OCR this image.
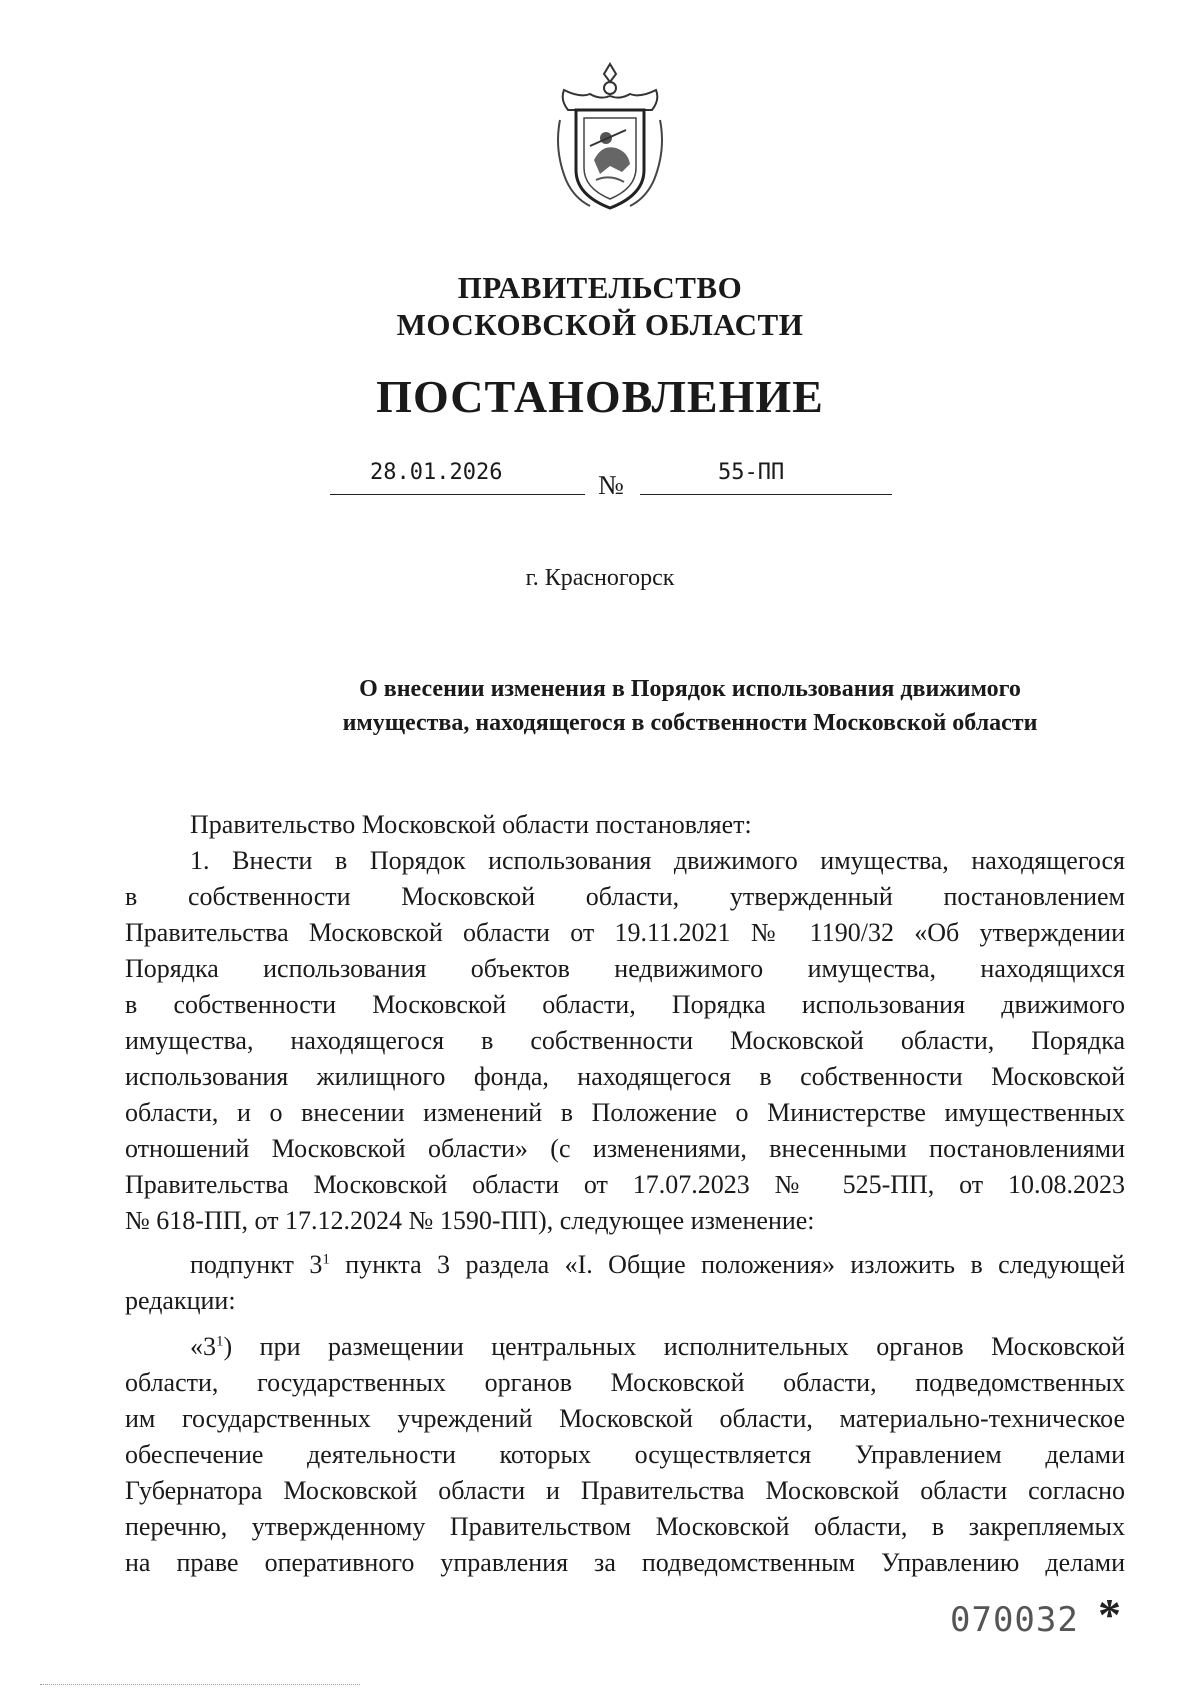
ПРАВИТЕЛЬСТВО
МОСКОВСКОЙ ОБЛАСТИ
ПОСТАНОВЛЕНИЕ
28.01.2026	№	55-ПП
г. Красногорск
О внесении изменения в Порядок использования движимого
имущества, находящегося в собственности Московской области
Правительство Московской области постановляет:
1. Внести в Порядок использования движимого имущества, находящегося
в собственности Московской области, утвержденный постановлением
Правительства Московской области от 19.11.2021 № 1190/32 «Об утверждении
Порядка использования объектов недвижимого имущества, находящихся
в собственности Московской области, Порядка использования движимого
имущества, находящегося в собственности Московской области, Порядка
использования жилищного фонда, находящегося в собственности Московской
области, и о внесении изменений в Положение о Министерстве имущественных
отношений Московской области» (с изменениями, внесенными постановлениями
Правительства Московской области от 17.07.2023 № 525-ПП, от 10.08.2023
№ 618-ПП, от 17.12.2024 № 1590-ПП), следующее изменение:
подпункт $3^1$ пункта 3 раздела «I. Общие положения» изложить в следующей
редакции:
«$3^1$) при размещении центральных исполнительных органов Московской
области, государственных органов Московской области, подведомственных
им государственных учреждений Московской области, материально-техническое
обеспечение деятельности которых осуществляется Управлением делами
Губернатора Московской области и Правительства Московской области согласно
перечню, утвержденному Правительством Московской области, в закрепляемых
на праве оперативного управления за подведомственным Управлению делами
070032 *
